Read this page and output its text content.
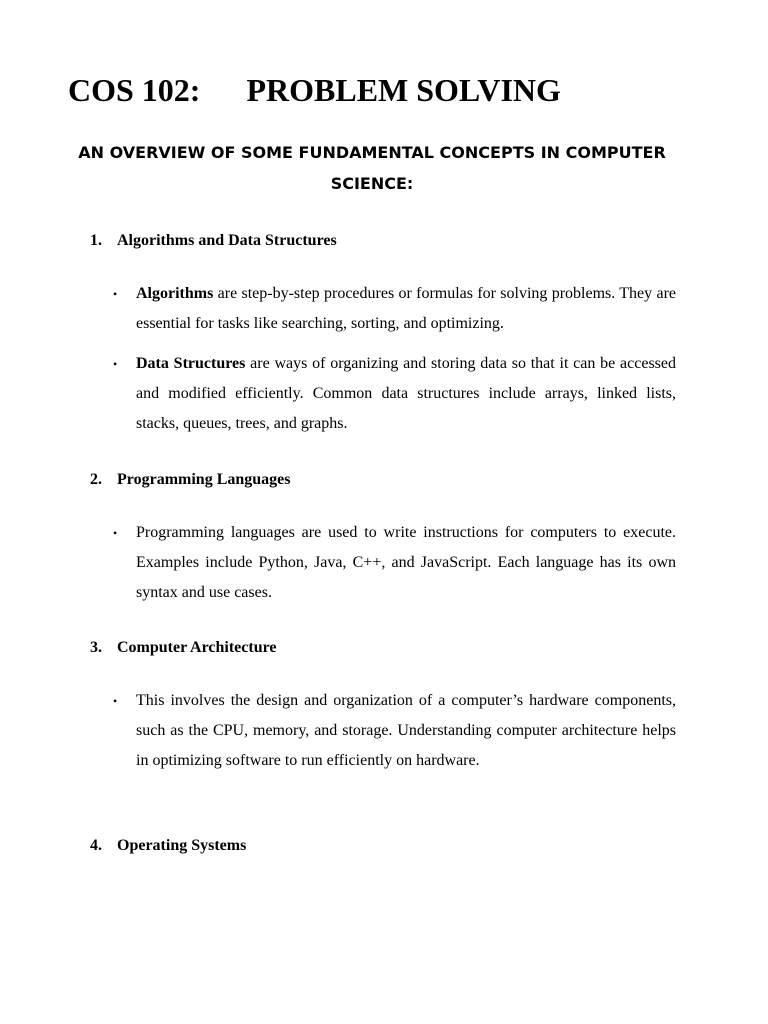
COS 102: PROBLEM SOLVING

AN OVERVIEW OF SOME FUNDAMENTAL CONCEPTS IN COMPUTER SCIENCE:

1. Algorithms and Data Structures
• Algorithms are step-by-step procedures or formulas for solving problems. They are essential for tasks like searching, sorting, and optimizing.
• Data Structures are ways of organizing and storing data so that it can be accessed and modified efficiently. Common data structures include arrays, linked lists, stacks, queues, trees, and graphs.
2. Programming Languages
• Programming languages are used to write instructions for computers to execute. Examples include Python, Java, C++, and JavaScript. Each language has its own syntax and use cases.
3. Computer Architecture
• This involves the design and organization of a computer’s hardware components, such as the CPU, memory, and storage. Understanding computer architecture helps in optimizing software to run efficiently on hardware.
4. Operating Systems
